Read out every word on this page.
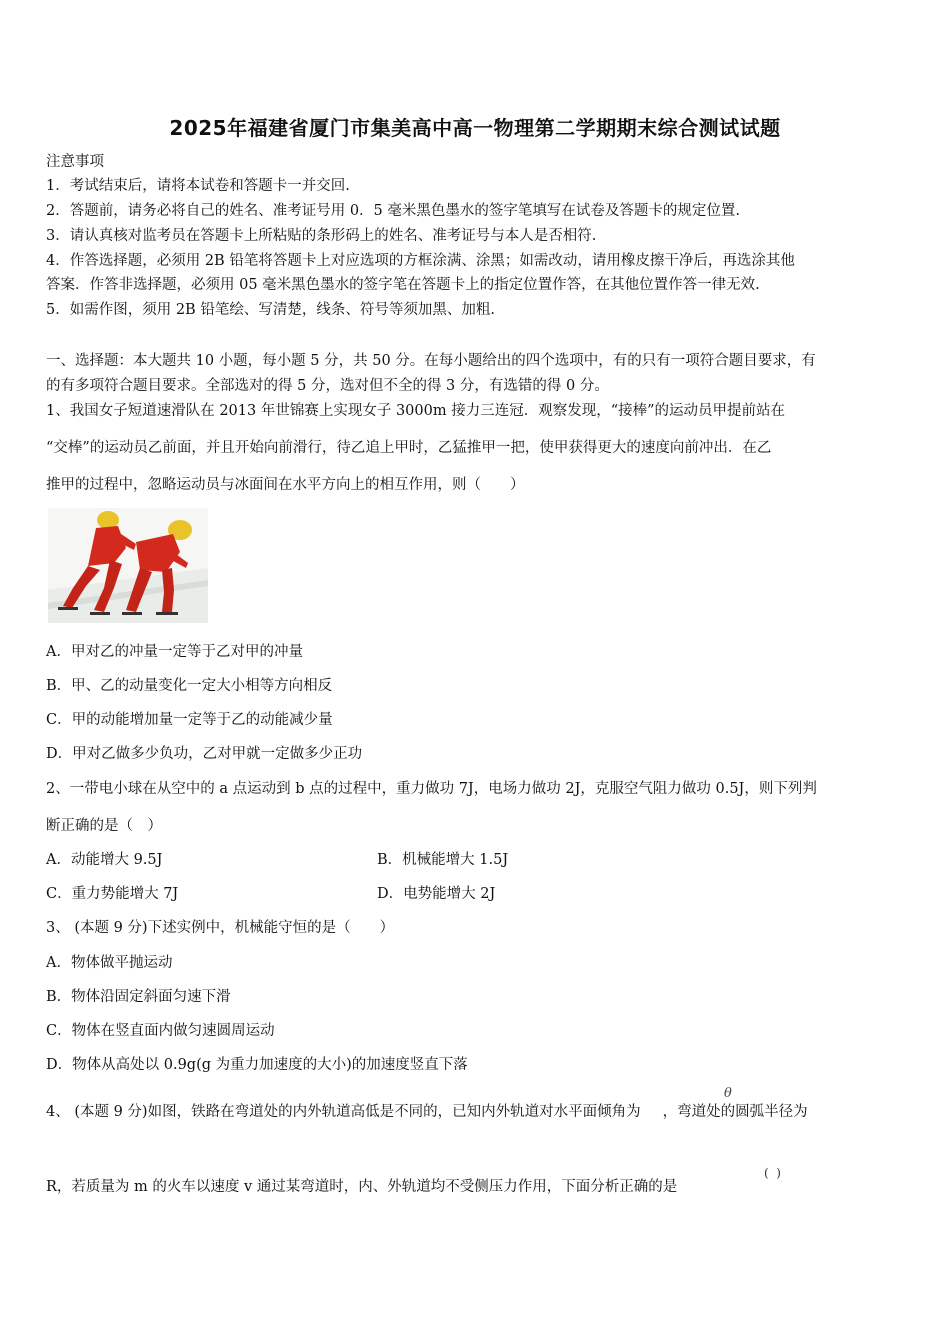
2025年福建省厦门市集美高中高一物理第二学期期末综合测试试题
注意事项
1．考试结束后，请将本试卷和答题卡一并交回.
2．答题前，请务必将自己的姓名、准考证号用 0．5 毫米黑色墨水的签字笔填写在试卷及答题卡的规定位置.
3．请认真核对监考员在答题卡上所粘贴的条形码上的姓名、准考证号与本人是否相符.
4．作答选择题，必须用 2B 铅笔将答题卡上对应选项的方框涂满、涂黑；如需改动，请用橡皮擦干净后，再选涂其他
答案．作答非选择题，必须用 05 毫米黑色墨水的签字笔在答题卡上的指定位置作答，在其他位置作答一律无效.
5．如需作图，须用 2B 铅笔绘、写清楚，线条、符号等须加黑、加粗.
一、选择题：本大题共 10 小题，每小题 5 分，共 50 分。在每小题给出的四个选项中，有的只有一项符合题目要求，有
的有多项符合题目要求。全部选对的得 5 分，选对但不全的得 3 分，有选错的得 0 分。
1、我国女子短道速滑队在 2013 年世锦赛上实现女子 3000m 接力三连冠．观察发现，“接棒”的运动员甲提前站在
“交棒”的运动员乙前面，并且开始向前滑行，待乙追上甲时，乙猛推甲一把，使甲获得更大的速度向前冲出．在乙
推甲的过程中，忽略运动员与冰面间在水平方向上的相互作用，则（　　）
A．甲对乙的冲量一定等于乙对甲的冲量
B．甲、乙的动量变化一定大小相等方向相反
C．甲的动能增加量一定等于乙的动能减少量
D．甲对乙做多少负功，乙对甲就一定做多少正功
2、一带电小球在从空中的 a 点运动到 b 点的过程中，重力做功 7J，电场力做功 2J，克服空气阻力做功 0.5J，则下列判
断正确的是（　）
A．动能增大 9.5J	B．机械能增大 1.5J
C．重力势能增大 7J	D．电势能增大 2J
3、 (本题 9 分)下述实例中，机械能守恒的是（　　）
A．物体做平抛运动
B．物体沿固定斜面匀速下滑
C．物体在竖直面内做匀速圆周运动
D．物体从高处以 0.9g(g 为重力加速度的大小)的加速度竖直下落
4、 (本题 9 分)如图，铁路在弯道处的内外轨道高低是不同的，已知内外轨道对水平面倾角为 ，弯道处的圆弧半径为
θ
R，若质量为 m 的火车以速度 v 通过某弯道时，内、外轨道均不受侧压力作用，下面分析正确的是
(  )
